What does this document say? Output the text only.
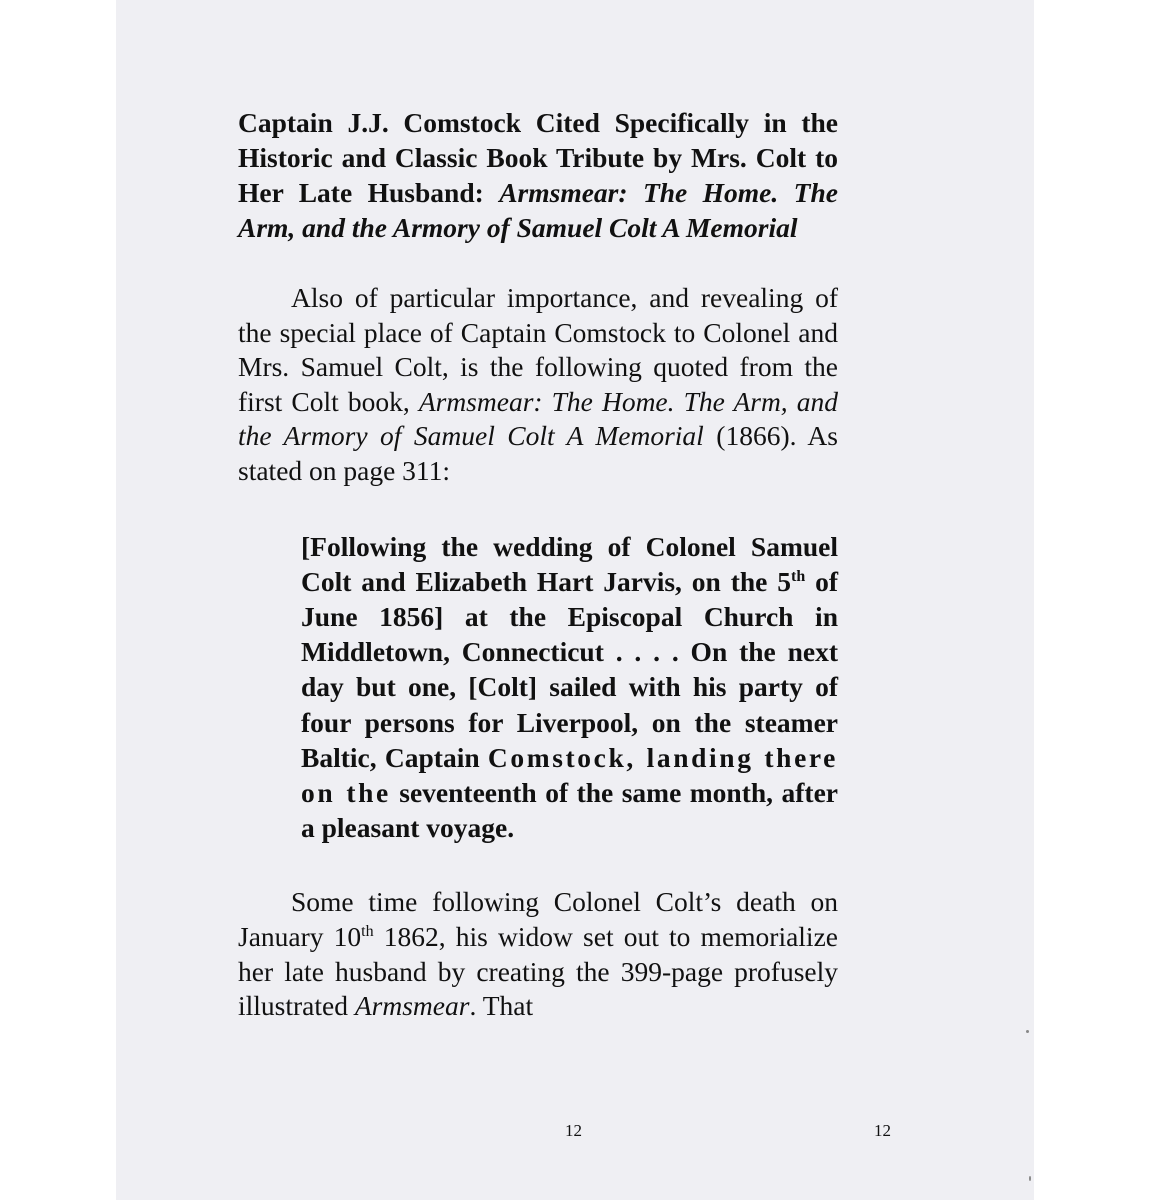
Captain J.J. Comstock Cited Specifically in the Historic and Classic Book Tribute by Mrs. Colt to Her Late Husband: Armsmear: The Home. The Arm, and the Armory of Samuel Colt A Memorial

Also of particular importance, and revealing of the special place of Captain Comstock to Colonel and Mrs. Samuel Colt, is the following quoted from the first Colt book, Armsmear: The Home. The Arm, and the Armory of Samuel Colt A Memorial (1866). As stated on page 311:

[Following the wedding of Colonel Samuel Colt and Elizabeth Hart Jarvis, on the 5th of June 1856] at the Episcopal Church in Middletown, Connecticut . . . . On the next day but one, [Colt] sailed with his party of four persons for Liverpool, on the steamer Baltic, Captain Comstock, landing there on the seventeenth of the same month, after a pleasant voyage.

Some time following Colonel Colt’s death on January 10th 1862, his widow set out to memorialize her late husband by creating the 399-page profusely illustrated Armsmear. That

12	12
